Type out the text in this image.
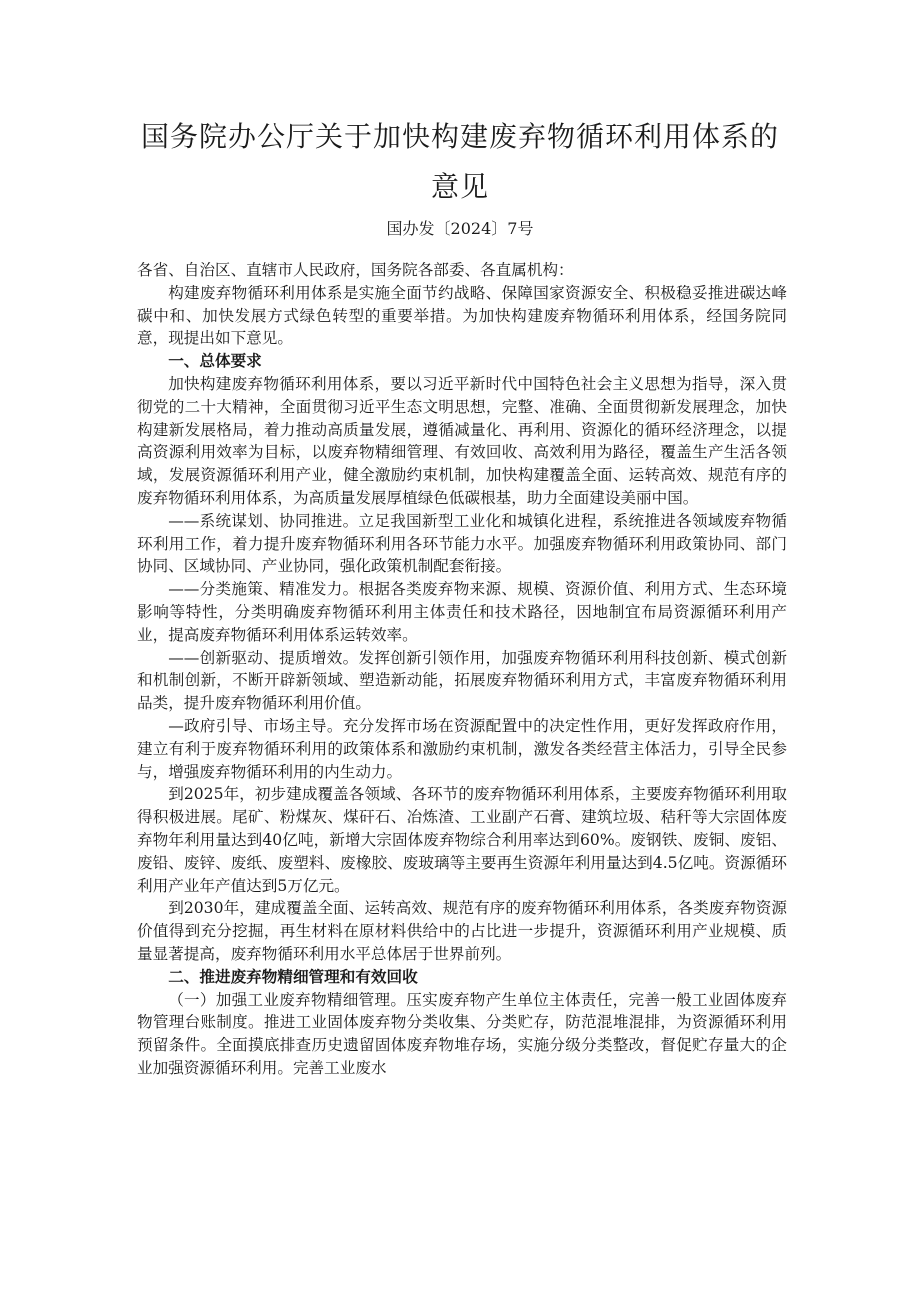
国务院办公厅关于加快构建废弃物循环利用体系的
意见
国办发〔2024〕7号

各省、自治区、直辖市人民政府，国务院各部委、各直属机构：

构建废弃物循环利用体系是实施全面节约战略、保障国家资源安全、积极稳妥推进碳达峰碳中和、加快发展方式绿色转型的重要举措。为加快构建废弃物循环利用体系，经国务院同意，现提出如下意见。

一、总体要求

加快构建废弃物循环利用体系，要以习近平新时代中国特色社会主义思想为指导，深入贯彻党的二十大精神，全面贯彻习近平生态文明思想，完整、准确、全面贯彻新发展理念，加快构建新发展格局，着力推动高质量发展，遵循减量化、再利用、资源化的循环经济理念，以提高资源利用效率为目标，以废弃物精细管理、有效回收、高效利用为路径，覆盖生产生活各领域，发展资源循环利用产业，健全激励约束机制，加快构建覆盖全面、运转高效、规范有序的废弃物循环利用体系，为高质量发展厚植绿色低碳根基，助力全面建设美丽中国。

——系统谋划、协同推进。立足我国新型工业化和城镇化进程，系统推进各领域废弃物循环利用工作，着力提升废弃物循环利用各环节能力水平。加强废弃物循环利用政策协同、部门协同、区域协同、产业协同，强化政策机制配套衔接。

——分类施策、精准发力。根据各类废弃物来源、规模、资源价值、利用方式、生态环境影响等特性，分类明确废弃物循环利用主体责任和技术路径，因地制宜布局资源循环利用产业，提高废弃物循环利用体系运转效率。

——创新驱动、提质增效。发挥创新引领作用，加强废弃物循环利用科技创新、模式创新和机制创新，不断开辟新领域、塑造新动能，拓展废弃物循环利用方式，丰富废弃物循环利用品类，提升废弃物循环利用价值。

—政府引导、市场主导。充分发挥市场在资源配置中的决定性作用，更好发挥政府作用，建立有利于废弃物循环利用的政策体系和激励约束机制，激发各类经营主体活力，引导全民参与，增强废弃物循环利用的内生动力。

到2025年，初步建成覆盖各领域、各环节的废弃物循环利用体系，主要废弃物循环利用取得积极进展。尾矿、粉煤灰、煤矸石、冶炼渣、工业副产石膏、建筑垃圾、秸秆等大宗固体废弃物年利用量达到40亿吨，新增大宗固体废弃物综合利用率达到60%。废钢铁、废铜、废铝、废铅、废锌、废纸、废塑料、废橡胶、废玻璃等主要再生资源年利用量达到4.5亿吨。资源循环利用产业年产值达到5万亿元。

到2030年，建成覆盖全面、运转高效、规范有序的废弃物循环利用体系，各类废弃物资源价值得到充分挖掘，再生材料在原材料供给中的占比进一步提升，资源循环利用产业规模、质量显著提高，废弃物循环利用水平总体居于世界前列。

二、推进废弃物精细管理和有效回收

（一）加强工业废弃物精细管理。压实废弃物产生单位主体责任，完善一般工业固体废弃物管理台账制度。推进工业固体废弃物分类收集、分类贮存，防范混堆混排，为资源循环利用预留条件。全面摸底排查历史遗留固体废弃物堆存场，实施分级分类整改，督促贮存量大的企业加强资源循环利用。完善工业废水
